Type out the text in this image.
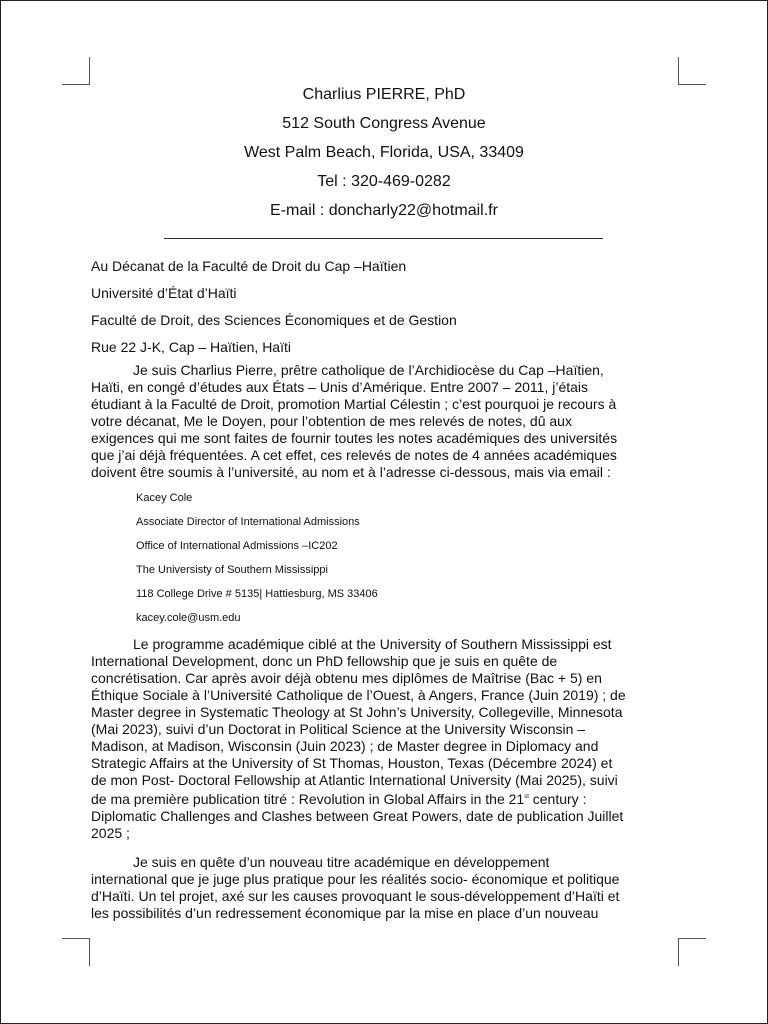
Charlius PIERRE, PhD
512 South Congress Avenue
West Palm Beach, Florida, USA, 33409
Tel : 320-469-0282
E-mail : doncharly22@hotmail.fr
Au Décanat de la Faculté de Droit du Cap –Haïtien
Université d’État d’Haïti
Faculté de Droit, des Sciences Économiques et de Gestion
Rue 22 J-K, Cap – Haïtien, Haïti
Je suis Charlius Pierre, prêtre catholique de l’Archidiocèse du Cap –Haïtien,
Haïti, en congé d’études aux États – Unis d’Amérique. Entre 2007 – 2011, j’étais
étudiant à la Faculté de Droit, promotion Martial Célestin ; c’est pourquoi je recours à
votre décanat, Me le Doyen, pour l’obtention de mes relevés de notes, dû aux
exigences qui me sont faites de fournir toutes les notes académiques des universités
que j’ai déjà fréquentées. A cet effet, ces relevés de notes de 4 années académiques
doivent être soumis à l’université, au nom et à l’adresse ci-dessous, mais via email :
Kacey Cole
Associate Director of International Admissions
Office of International Admissions –IC202
The Universisty of Southern Mississippi
118 College Drive # 5135| Hattiesburg, MS 33406
kacey.cole@usm.edu
Le programme académique ciblé at the University of Southern Mississippi est
International Development, donc un PhD fellowship que je suis en quête de
concrétisation. Car après avoir déjà obtenu mes diplômes de Maîtrise (Bac + 5) en
Éthique Sociale à l’Université Catholique de l’Ouest, à Angers, France (Juin 2019) ; de
Master degree in Systematic Theology at St John’s University, Collegeville, Minnesota
(Mai 2023), suivi d’un Doctorat in Political Science at the University Wisconsin –
Madison, at Madison, Wisconsin (Juin 2023) ; de Master degree in Diplomacy and
Strategic Affairs at the University of St Thomas, Houston, Texas (Décembre 2024) et
de mon Post- Doctoral Fellowship at Atlantic International University (Mai 2025), suivi
de ma première publication titré : Revolution in Global Affairs in the 21st century :
Diplomatic Challenges and Clashes between Great Powers, date de publication Juillet
2025 ;
Je suis en quête d’un nouveau titre académique en développement
international que je juge plus pratique pour les réalités socio- économique et politique
d’Haïti. Un tel projet, axé sur les causes provoquant le sous-développement d’Haïti et
les possibilités d’un redressement économique par la mise en place d’un nouveau
